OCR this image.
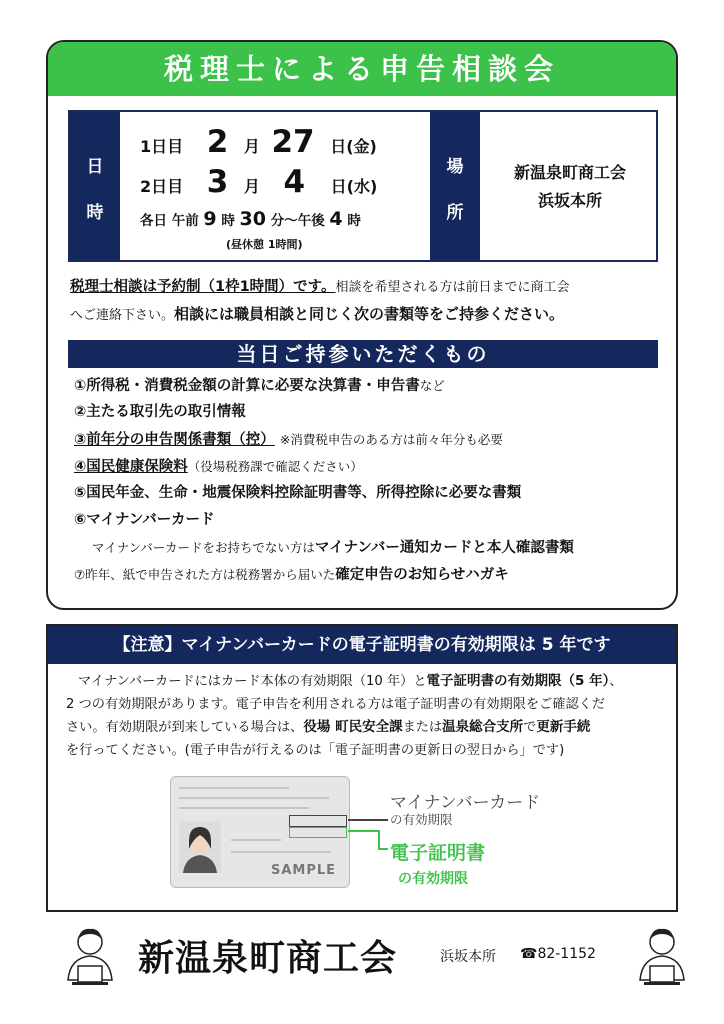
税理士による申告相談会
日
時
1日目 2 月 27 日(金)
2日目 3 月 4 日(水)
各日 午前 9 時 30 分〜午後 4 時
(昼休憩 1時間)
場
所
新温泉町商工会
浜坂本所
税理士相談は予約制（1枠1時間）です。相談を希望される方は前日までに商工会
へご連絡下さい。相談には職員相談と同じく次の書類等をご持参ください。
当日ご持参いただくもの
①所得税・消費税金額の計算に必要な決算書・申告書など
②主たる取引先の取引情報
③前年分の申告関係書類（控） ※消費税申告のある方は前々年分も必要
④国民健康保険料（役場税務課で確認ください）
⑤国民年金、生命・地震保険料控除証明書等、所得控除に必要な書類
⑥マイナンバーカード
マイナンバーカードをお持ちでない方はマイナンバー通知カードと本人確認書類
⑦昨年、紙で申告された方は税務署から届いた確定申告のお知らせハガキ
【注意】マイナンバーカードの電子証明書の有効期限は 5 年です
マイナンバーカードにはカード本体の有効期限（10 年）と電子証明書の有効期限（5 年）、
2 つの有効期限があります。電子申告を利用される方は電子証明書の有効期限をご確認くだ
さい。有効期限が到来している場合は、役場 町民安全課または温泉総合支所で更新手続
を行ってください。(電子申告が行えるのは「電子証明書の更新日の翌日から」です)
SAMPLE
マイナンバーカード
の有効期限
電子証明書
の有効期限
新温泉町商工会	浜坂本所 ☎82-1152
